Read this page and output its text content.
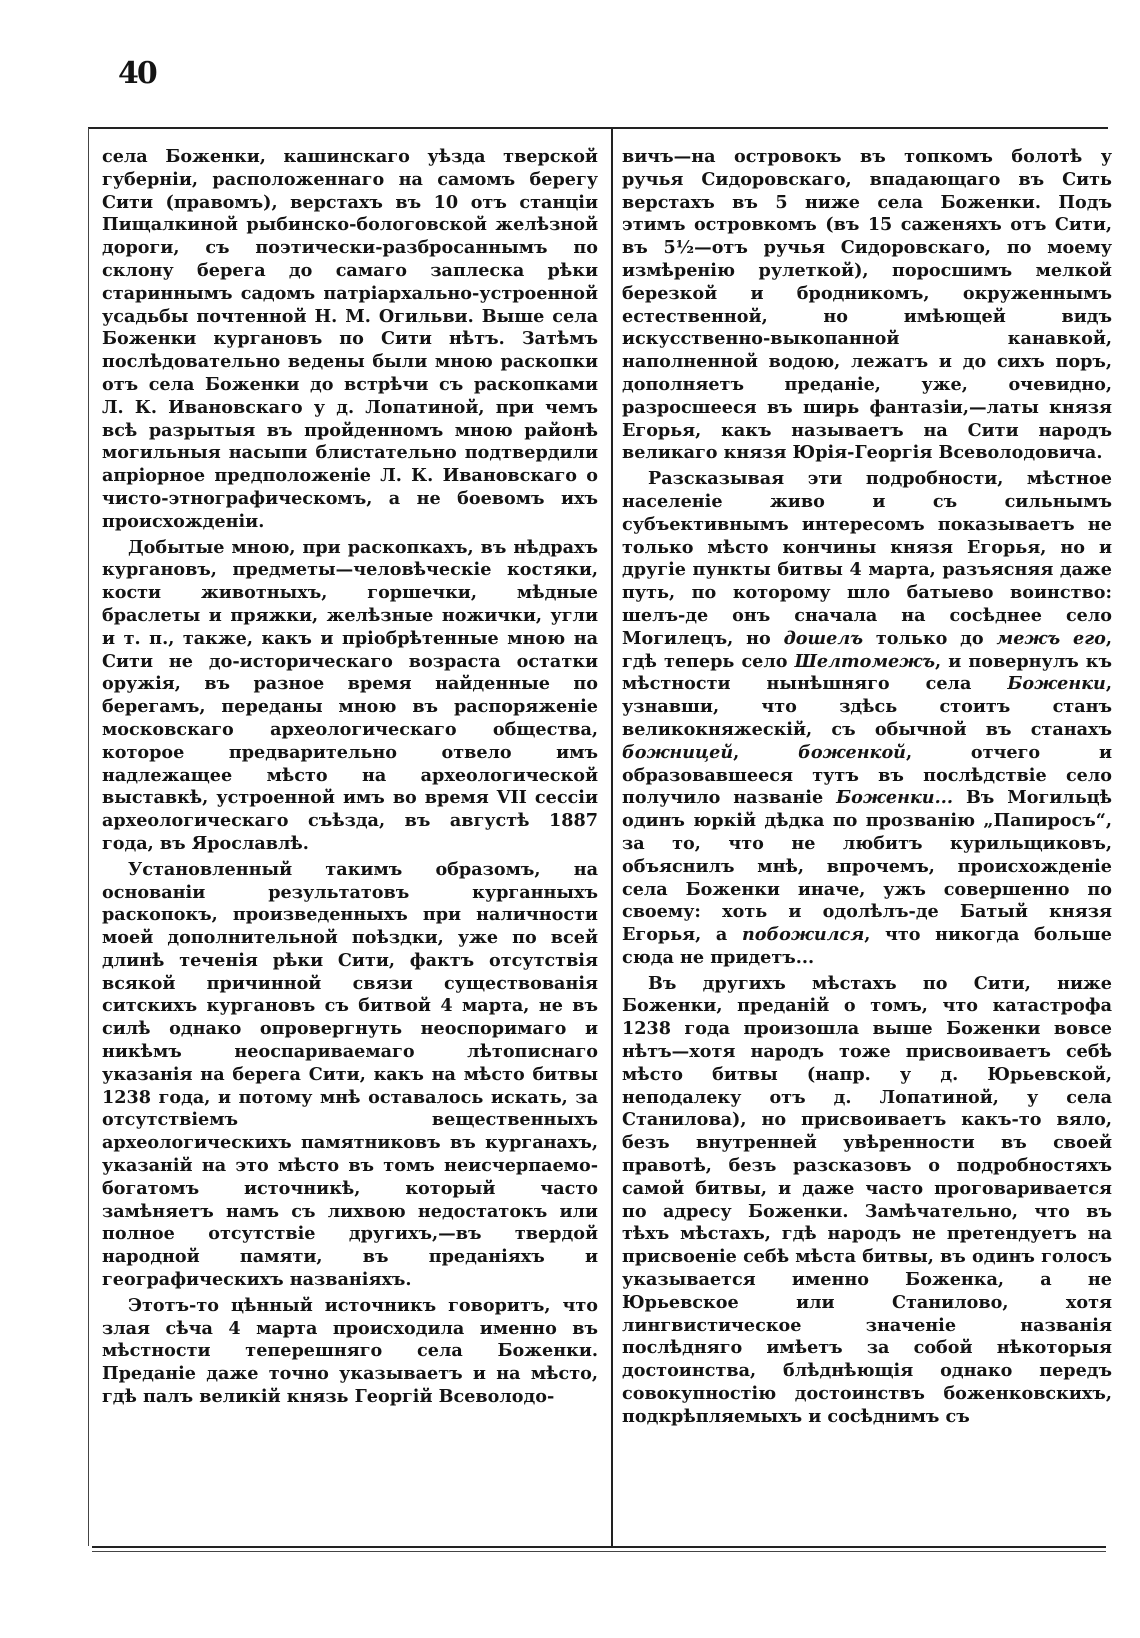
40

села Боженки, кашинскаго уѣзда тверской губерніи, расположеннаго на самомъ берегу Сити (правомъ), верстахъ въ 10 отъ станціи Пищалкиной рыбинско-бологовской желѣзной дороги, съ поэтически-разбросаннымъ по склону берега до самаго заплеска рѣки стариннымъ садомъ патріархально-устроенной усадьбы почтенной Н. М. Огильви. Выше села Боженки кургановъ по Сити нѣтъ. Затѣмъ послѣдовательно ведены были мною раскопки отъ села Боженки до встрѣчи съ раскопками Л. К. Ивановскаго у д. Лопатиной, при чемъ всѣ разрытыя въ пройденномъ мною районѣ могильныя насыпи блистательно подтвердили апріорное предположеніе Л. К. Ивановскаго о чисто-этнографическомъ, а не боевомъ ихъ происхожденіи.

Добытые мною, при раскопкахъ, въ нѣдрахъ кургановъ, предметы—человѣческіе костяки, кости животныхъ, горшечки, мѣдные браслеты и пряжки, желѣзные ножички, угли и т. п., также, какъ и пріобрѣтенные мною на Сити не до-историческаго возраста остатки оружія, въ разное время найденные по берегамъ, переданы мною въ распоряженіе московскаго археологическаго общества, которое предварительно отвело имъ надлежащее мѣсто на археологической выставкѣ, устроенной имъ во время VII сессіи археологическаго съѣзда, въ августѣ 1887 года, въ Ярославлѣ.

Установленный такимъ образомъ, на основаніи результатовъ курганныхъ раскопокъ, произведенныхъ при наличности моей дополнительной поѣздки, уже по всей длинѣ теченія рѣки Сити, фактъ отсутствія всякой причинной связи существованія ситскихъ кургановъ съ битвой 4 марта, не въ силѣ однако опровергнуть неоспоримаго и никѣмъ неоспариваемаго лѣтописнаго указанія на берега Сити, какъ на мѣсто битвы 1238 года, и потому мнѣ оставалось искать, за отсутствіемъ вещественныхъ археологическихъ памятниковъ въ курганахъ, указаній на это мѣсто въ томъ неисчерпаемо-богатомъ источникѣ, который часто замѣняетъ намъ съ лихвою недостатокъ или полное отсутствіе другихъ,—въ твердой народной памяти, въ преданіяхъ и географическихъ названіяхъ.

Этотъ-то цѣнный источникъ говоритъ, что злая сѣча 4 марта происходила именно въ мѣстности теперешняго села Боженки. Преданіе даже точно указываетъ и на мѣсто, гдѣ палъ великій князь Георгій Всеволодо-

вичъ—на островокъ въ топкомъ болотѣ у ручья Сидоровскаго, впадающаго въ Сить верстахъ въ 5 ниже села Боженки. Подъ этимъ островкомъ (въ 15 саженяхъ отъ Сити, въ 5½—отъ ручья Сидоровскаго, по моему измѣренію рулеткой), поросшимъ мелкой березкой и бродникомъ, окруженнымъ естественной, но имѣющей видъ искусственно-выкопанной канавкой, наполненной водою, лежатъ и до сихъ поръ, дополняетъ преданіе, уже, очевидно, разросшееся въ ширь фантазіи,—латы князя Егорья, какъ называетъ на Сити народъ великаго князя Юрія-Георгія Всеволодовича.

Разсказывая эти подробности, мѣстное населеніе живо и съ сильнымъ субъективнымъ интересомъ показываетъ не только мѣсто кончины князя Егорья, но и другіе пункты битвы 4 марта, разъясняя даже путь, по которому шло батыево воинство: шелъ-де онъ сначала на сосѣднее село Могилецъ, но дошелъ только до межъ его, гдѣ теперь село Шелтомежъ, и повернулъ къ мѣстности нынѣшняго села Боженки, узнавши, что здѣсь стоитъ станъ великокняжескій, съ обычной въ станахъ божницей,	боженкой, отчего и образовавшееся тутъ въ послѣдствіе село получило названіе Боженки... Въ Могильцѣ одинъ юркій дѣдка по прозванію „Папиросъ“, за то, что не любитъ курильщиковъ, объяснилъ мнѣ, впрочемъ, происхожденіе села Боженки иначе, ужъ совершенно по своему: хоть и одолѣлъ-де Батый князя Егорья, а побожился, что никогда больше сюда не придетъ...

Въ другихъ мѣстахъ по Сити, ниже Боженки, преданій о томъ, что катастрофа 1238 года произошла выше Боженки вовсе нѣтъ—хотя народъ тоже присвоиваетъ себѣ мѣсто битвы (напр. у д. Юрьевской, неподалеку отъ д. Лопатиной, у села Станилова), но присвоиваетъ какъ-то вяло, безъ внутренней увѣренности въ своей правотѣ, безъ разсказовъ о подробностяхъ самой битвы, и даже часто проговаривается по адресу Боженки. Замѣчательно, что въ тѣхъ мѣстахъ, гдѣ народъ не претендуетъ на присвоеніе себѣ мѣста битвы, въ одинъ голосъ указывается именно Боженка, а не Юрьевское или Станилово, хотя лингвистическое значеніе названія послѣдняго имѣетъ за собой нѣкоторыя достоинства, блѣднѣющія однако передъ совокупностію достоинствъ боженковскихъ, подкрѣпляемыхъ и сосѣднимъ съ
